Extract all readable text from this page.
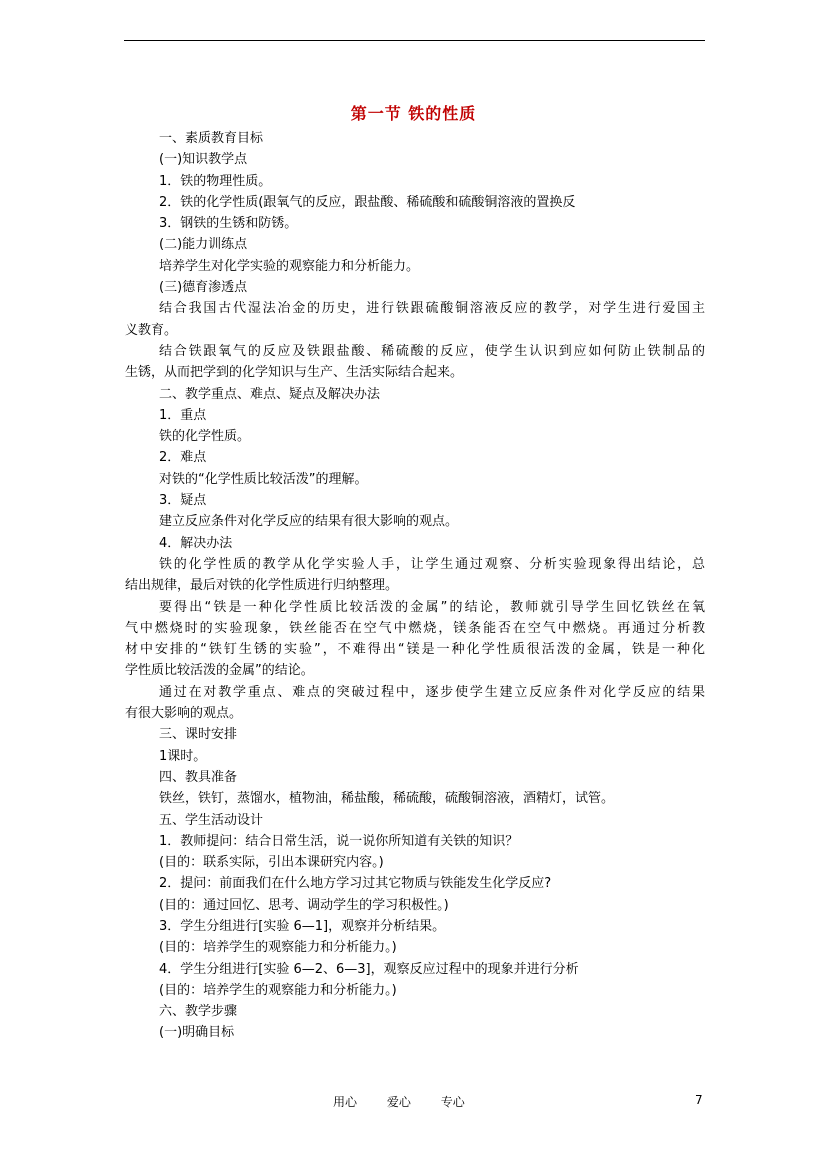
第一节 铁的性质
一、素质教育目标
(一)知识教学点
1．铁的物理性质。
2．铁的化学性质(跟氧气的反应，跟盐酸、稀硫酸和硫酸铜溶液的置换反
3．钢铁的生锈和防锈。
(二)能力训练点
培养学生对化学实验的观察能力和分析能力。
(三)德育渗透点
结合我国古代湿法冶金的历史，进行铁跟硫酸铜溶液反应的教学，对学生进行爱国主
义教育。
结合铁跟氧气的反应及铁跟盐酸、稀硫酸的反应，使学生认识到应如何防止铁制品的
生锈，从而把学到的化学知识与生产、生活实际结合起来。
二、教学重点、难点、疑点及解决办法
1．重点
铁的化学性质。
2．难点
对铁的“化学性质比较活泼”的理解。
3．疑点
建立反应条件对化学反应的结果有很大影响的观点。
4．解决办法
铁的化学性质的教学从化学实验人手，让学生通过观察、分析实验现象得出结论，总
结出规律，最后对铁的化学性质进行归纳整理。
要得出“铁是一种化学性质比较活泼的金属”的结论，教师就引导学生回忆铁丝在氧
气中燃烧时的实验现象，铁丝能否在空气中燃烧，镁条能否在空气中燃烧。再通过分析教
材中安排的“铁钉生锈的实验”，不难得出“镁是一种化学性质很活泼的金属，铁是一种化
学性质比较活泼的金属”的结论。
通过在对教学重点、难点的突破过程中，逐步使学生建立反应条件对化学反应的结果
有很大影响的观点。
三、课时安排
1课时。
四、教具准备
铁丝，铁钉，蒸馏水，植物油，稀盐酸，稀硫酸，硫酸铜溶液，酒精灯，试管。
五、学生活动设计
1．教师提问：结合日常生活，说一说你所知道有关铁的知识？
(目的：联系实际，引出本课研究内容。)
2．提问：前面我们在什么地方学习过其它物质与铁能发生化学反应?
(目的：通过回忆、思考、调动学生的学习积极性。)
3．学生分组进行[实验 6—1]，观察并分析结果。
(目的：培养学生的观察能力和分析能力。)
4．学生分组进行[实验 6—2、6—3]，观察反应过程中的现象并进行分析
(目的：培养学生的观察能力和分析能力。)
六、教学步骤
(一)明确目标
用心 爱心 专心	7
